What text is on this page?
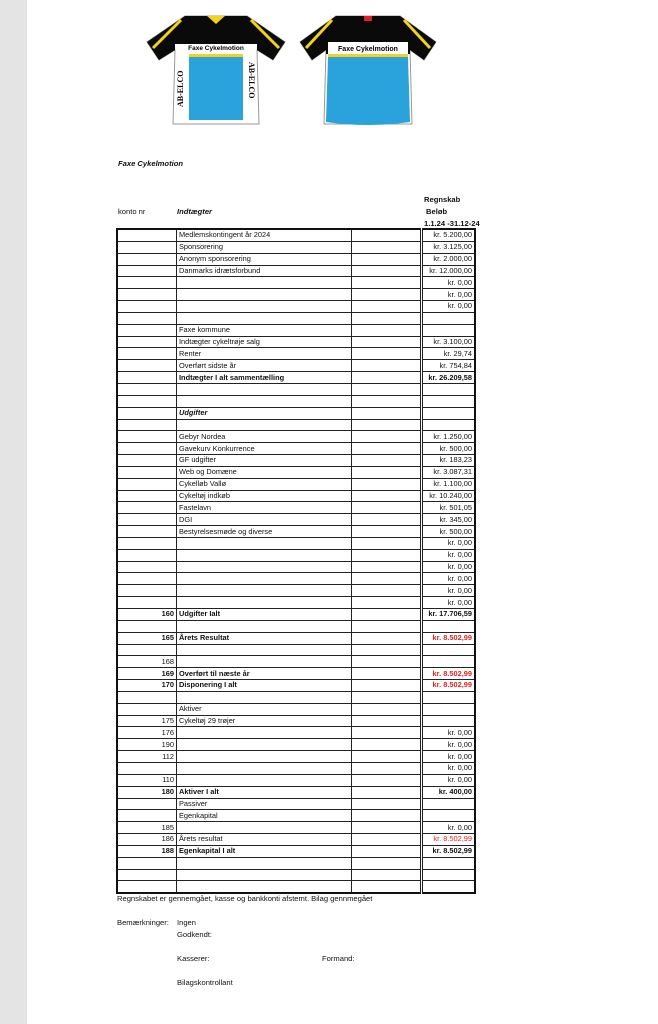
Faxe Cykelmotion
AB-ELCO	AB-ELCO
Faxe Cykelmotion
Faxe Cykelmotion
konto nr	Indtægter
Regnskab
Beløb
1.1.24 -31.12-24
	Medlemskontingent år 2024		kr. 5.200,00
	Sponsorering		kr. 3.125,00
	Anonym sponsorering		kr. 2.000,00
	Danmarks idrætsforbund		kr. 12.000,00
			kr. 0,00
			kr. 0,00
			kr. 0,00

	Faxe kommune		
	Indtægter cykeltrøje salg		kr. 3.100,00
	Renter		kr. 29,74
	Overført sidste år		kr. 754,84
	Indtægter I alt sammentælling		kr. 26.209,58

	Udgifter		

	Gebyr Nordea		kr. 1.250,00
	Gavekurv Konkurrence		kr. 500,00
	GF udgifter		kr. 183,23
	Web og Domæne		kr. 3.087,31
	Cykelløb Vallø		kr. 1.100,00
	Cykeltøj indkøb		kr. 10.240,00
	Fastelavn		kr. 501,05
	DGI		kr. 345,00
	Bestyrelsesmøde og diverse		kr. 500,00
			kr. 0,00
			kr. 0,00
			kr. 0,00
			kr. 0,00
			kr. 0,00
			kr. 0,00
160	Udgifter Ialt		kr. 17.706,59

165	Årets Resultat		kr. 8.502,99

168			
169	Overført til næste år		kr. 8.502,99
170	Disponering I alt		kr. 8.502,99

	Aktiver		
175	Cykeltøj 29 trøjer		
176			kr. 0,00
190			kr. 0,00
112			kr. 0,00
			kr. 0,00
110			kr. 0,00
180	Aktiver I alt		kr. 400,00
	Passiver		
	Egenkapital		
185			kr. 0,00
186	Årets resultat		kr. 8.502,99
188	Egenkapital I alt		kr. 8.502,99

Regnskabet er gennemgået, kasse og bankkonti afstemt. Bilag gennmegået
Bemærkninger: Ingen
Godkendt:
Kasserer:	Formand:
Bilagskontrollant
